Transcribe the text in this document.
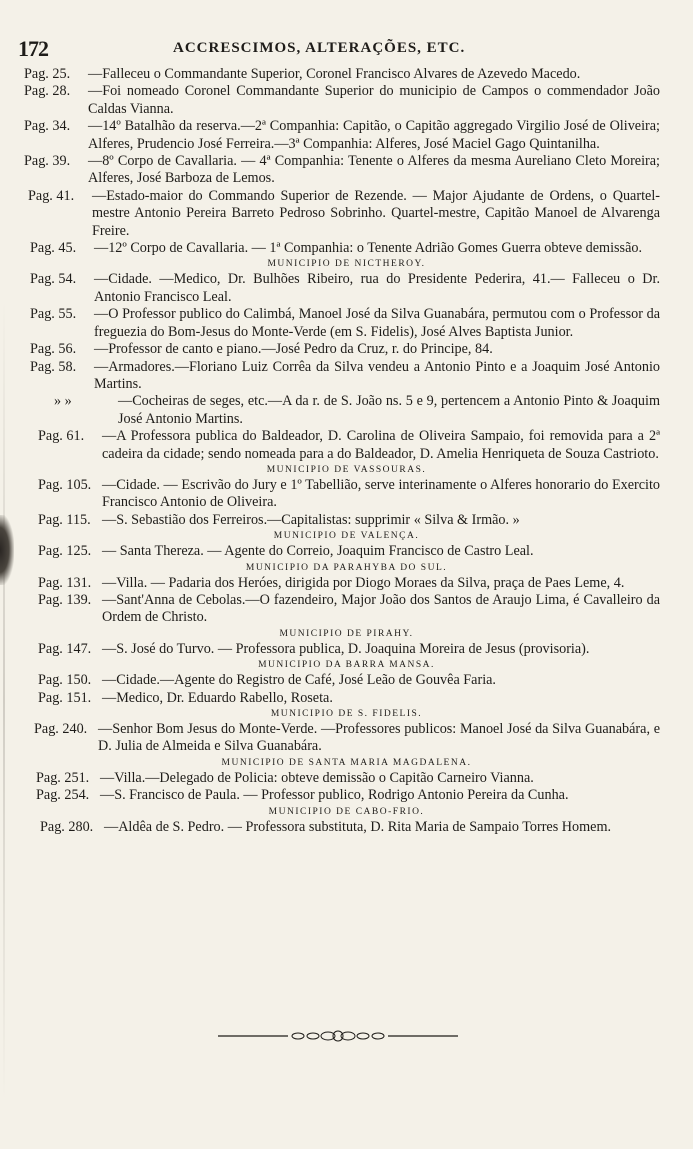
172	ACCRESCIMOS, ALTERAÇÕES, ETC.
Pag. 25. —Falleceu o Commandante Superior, Coronel Francisco Alvares de Azevedo Macedo.
Pag. 28. —Foi nomeado Coronel Commandante Superior do municipio de Campos o commendador João Caldas Vianna.
Pag. 34. —14º Batalhão da reserva.—2ª Companhia: Capitão, o Capitão aggregado Virgilio José de Oliveira; Alferes, Prudencio José Ferreira.—3ª Companhia: Alferes, José Maciel Gago Quintanilha.
Pag. 39. —8º Corpo de Cavallaria. — 4ª Companhia: Tenente o Alferes da mesma Aureliano Cleto Moreira; Alferes, José Barboza de Lemos.
Pag. 41. —Estado-maior do Commando Superior de Rezende. — Major Ajudante de Ordens, o Quartel-mestre Antonio Pereira Barreto Pedroso Sobrinho. Quartel-mestre, Capitão Manoel de Alvarenga Freire.
Pag. 45. —12º Corpo de Cavallaria. — 1ª Companhia: o Tenente Adrião Gomes Guerra obteve demissão.
MUNICIPIO DE NICTHEROY.
Pag. 54. —Cidade. —Medico, Dr. Bulhões Ribeiro, rua do Presidente Pederira, 41.— Falleceu o Dr. Antonio Francisco Leal.
Pag. 55. —O Professor publico do Calimbá, Manoel José da Silva Guanabára, permutou com o Professor da freguezia do Bom-Jesus do Monte-Verde (em S. Fidelis), José Alves Baptista Junior.
Pag. 56. —Professor de canto e piano.—José Pedro da Cruz, r. do Principe, 84.
Pag. 58. —Armadores.—Floriano Luiz Corrêa da Silva vendeu a Antonio Pinto e a Joaquim José Antonio Martins.
» »	—Cocheiras de seges, etc.—A da r. de S. João ns. 5 e 9, pertencem a Antonio Pinto & Joaquim José Antonio Martins.
Pag. 61. —A Professora publica do Baldeador, D. Carolina de Oliveira Sampaio, foi removida para a 2ª cadeira da cidade; sendo nomeada para a do Baldeador, D. Amelia Henriqueta de Souza Castrioto.
MUNICIPIO DE VASSOURAS.
Pag. 105. —Cidade. — Escrivão do Jury e 1º Tabellião, serve interinamente o Alferes honorario do Exercito Francisco Antonio de Oliveira.
Pag. 115. —S. Sebastião dos Ferreiros.—Capitalistas: supprimir « Silva & Irmão. »
MUNICIPIO DE VALENÇA.
Pag. 125. — Santa Thereza. — Agente do Correio, Joaquim Francisco de Castro Leal.
MUNICIPIO DA PARAHYBA DO SUL.
Pag. 131. —Villa. — Padaria dos Heróes, dirigida por Diogo Moraes da Silva, praça de Paes Leme, 4.
Pag. 139. —Sant'Anna de Cebolas.—O fazendeiro, Major João dos Santos de Araujo Lima, é Cavalleiro da Ordem de Christo.
MUNICIPIO DE PIRAHY.
Pag. 147. —S. José do Turvo. — Professora publica, D. Joaquina Moreira de Jesus (provisoria).
MUNICIPIO DA BARRA MANSA.
Pag. 150. —Cidade.—Agente do Registro de Café, José Leão de Gouvêa Faria.
Pag. 151. —Medico, Dr. Eduardo Rabello, Roseta.
MUNICIPIO DE S. FIDELIS.
Pag. 240. —Senhor Bom Jesus do Monte-Verde. —Professores publicos: Manoel José da Silva Guanabára, e D. Julia de Almeida e Silva Guanabára.
MUNICIPIO DE SANTA MARIA MAGDALENA.
Pag. 251. —Villa.—Delegado de Policia: obteve demissão o Capitão Carneiro Vianna.
Pag. 254. —S. Francisco de Paula. — Professor publico, Rodrigo Antonio Pereira da Cunha.
MUNICIPIO DE CABO-FRIO.
Pag. 280. —Aldêa de S. Pedro. — Professora substituta, D. Rita Maria de Sampaio Torres Homem.
